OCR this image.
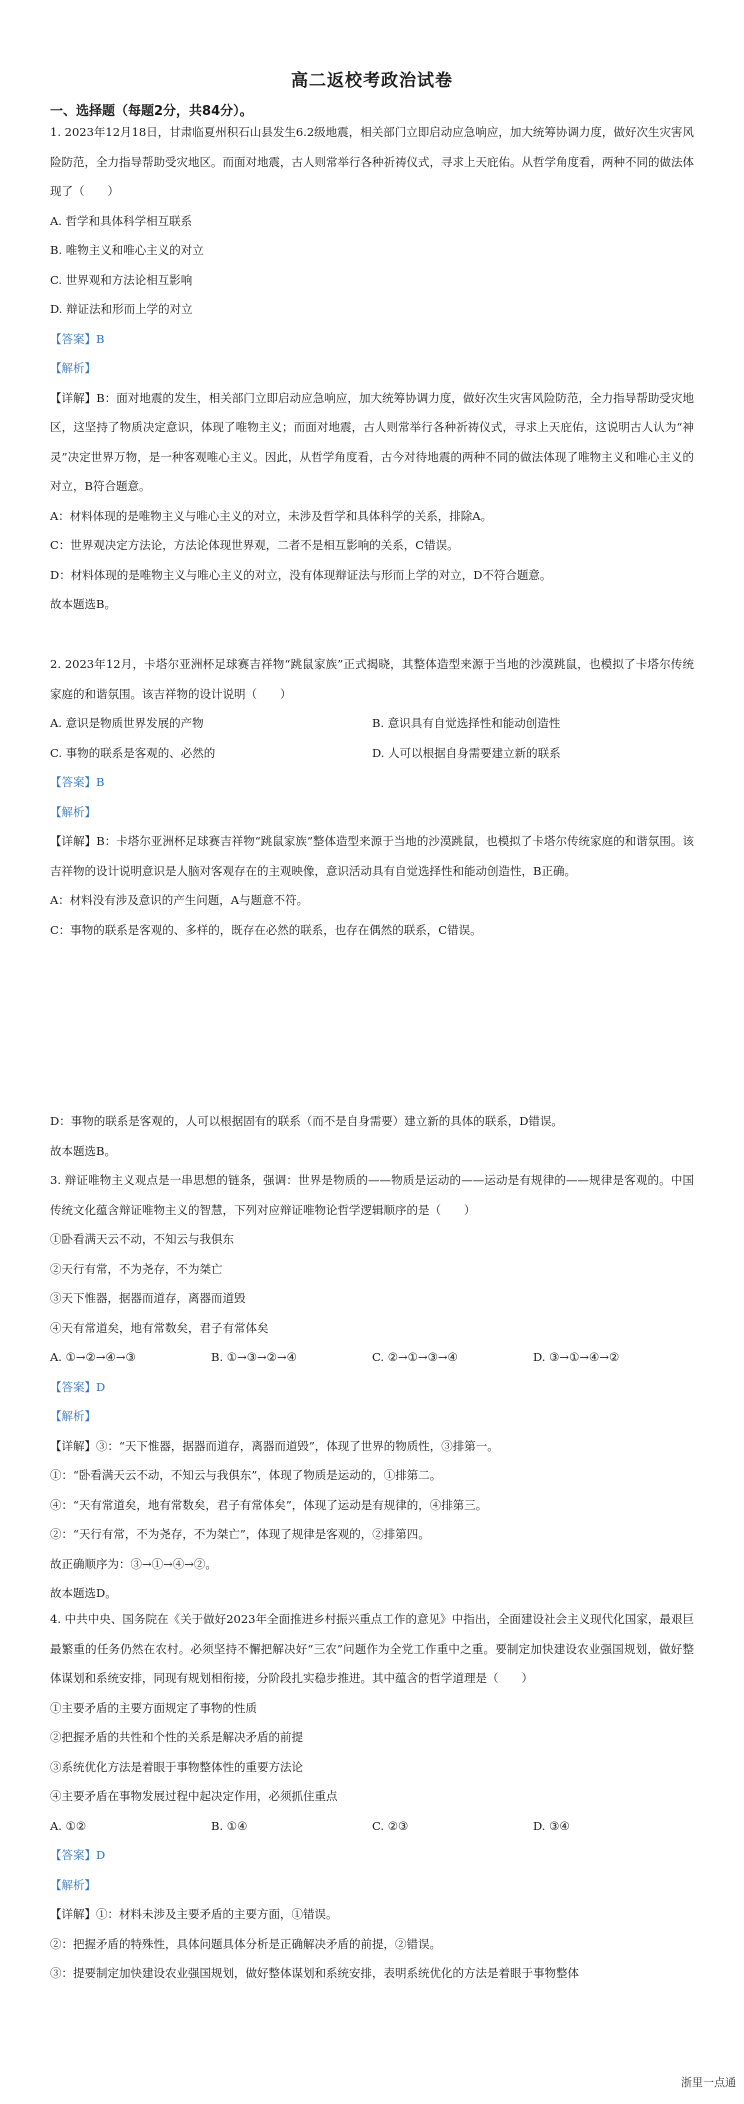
高二返校考政治试卷
一、选择题（每题2分，共84分）。

1. 2023年12月18日，甘肃临夏州积石山县发生6.2级地震，相关部门立即启动应急响应，加大统筹协调力度，做好次生灾害风险防范，全力指导帮助受灾地区。而面对地震，古人则常举行各种祈祷仪式，寻求上天庇佑。从哲学角度看，两种不同的做法体现了（　　）

A. 哲学和具体科学相互联系

B. 唯物主义和唯心主义的对立

C. 世界观和方法论相互影响

D. 辩证法和形而上学的对立

【答案】B

【解析】

【详解】B：面对地震的发生，相关部门立即启动应急响应，加大统筹协调力度，做好次生灾害风险防范，全力指导帮助受灾地区，这坚持了物质决定意识，体现了唯物主义；而面对地震，古人则常举行各种祈祷仪式，寻求上天庇佑，这说明古人认为“神灵”决定世界万物，是一种客观唯心主义。因此，从哲学角度看，古今对待地震的两种不同的做法体现了唯物主义和唯心主义的对立，B符合题意。

A：材料体现的是唯物主义与唯心主义的对立，未涉及哲学和具体科学的关系，排除A。

C：世界观决定方法论，方法论体现世界观，二者不是相互影响的关系，C错误。

D：材料体现的是唯物主义与唯心主义的对立，没有体现辩证法与形而上学的对立，D不符合题意。

故本题选B。

2. 2023年12月，卡塔尔亚洲杯足球赛吉祥物“跳鼠家族”正式揭晓，其整体造型来源于当地的沙漠跳鼠，也模拟了卡塔尔传统家庭的和谐氛围。该吉祥物的设计说明（　　）

A. 意识是物质世界发展的产物	B. 意识具有自觉选择性和能动创造性
C. 事物的联系是客观的、必然的	D. 人可以根据自身需要建立新的联系

【答案】B

【解析】

【详解】B：卡塔尔亚洲杯足球赛吉祥物“跳鼠家族”整体造型来源于当地的沙漠跳鼠，也模拟了卡塔尔传统家庭的和谐氛围。该吉祥物的设计说明意识是人脑对客观存在的主观映像，意识活动具有自觉选择性和能动创造性，B正确。

A：材料没有涉及意识的产生问题，A与题意不符。

C：事物的联系是客观的、多样的，既存在必然的联系，也存在偶然的联系，C错误。

D：事物的联系是客观的，人可以根据固有的联系（而不是自身需要）建立新的具体的联系，D错误。

故本题选B。

3. 辩证唯物主义观点是一串思想的链条，强调：世界是物质的——物质是运动的——运动是有规律的——规律是客观的。中国传统文化蕴含辩证唯物主义的智慧，下列对应辩证唯物论哲学逻辑顺序的是（　　）

①卧看满天云不动，不知云与我俱东

②天行有常，不为尧存，不为桀亡

③天下惟器，据器而道存，离器而道毁

④天有常道矣，地有常数矣，君子有常体矣

A. ①→②→④→③	B. ①→③→②→④	C. ②→①→③→④	D. ③→①→④→②

【答案】D

【解析】

【详解】③：“天下惟器，据器而道存，离器而道毁”，体现了世界的物质性，③排第一。

①：“卧看满天云不动，不知云与我俱东”，体现了物质是运动的，①排第二。

④：“天有常道矣，地有常数矣，君子有常体矣”，体现了运动是有规律的，④排第三。

②：“天行有常，不为尧存，不为桀亡”，体现了规律是客观的，②排第四。

故正确顺序为：③→①→④→②。

故本题选D。

4. 中共中央、国务院在《关于做好2023年全面推进乡村振兴重点工作的意见》中指出，全面建设社会主义现代化国家，最艰巨最繁重的任务仍然在农村。必须坚持不懈把解决好“三农”问题作为全党工作重中之重。要制定加快建设农业强国规划，做好整体谋划和系统安排，同现有规划相衔接，分阶段扎实稳步推进。其中蕴含的哲学道理是（　　）

①主要矛盾的主要方面规定了事物的性质

②把握矛盾的共性和个性的关系是解决矛盾的前提

③系统优化方法是着眼于事物整体性的重要方法论

④主要矛盾在事物发展过程中起决定作用，必须抓住重点

A. ①②	B. ①④	C. ②③	D. ③④

【答案】D

【解析】

【详解】①：材料未涉及主要矛盾的主要方面，①错误。

②：把握矛盾的特殊性，具体问题具体分析是正确解决矛盾的前提，②错误。

③：提要制定加快建设农业强国规划，做好整体谋划和系统安排，表明系统优化的方法是着眼于事物整体

浙里一点通
